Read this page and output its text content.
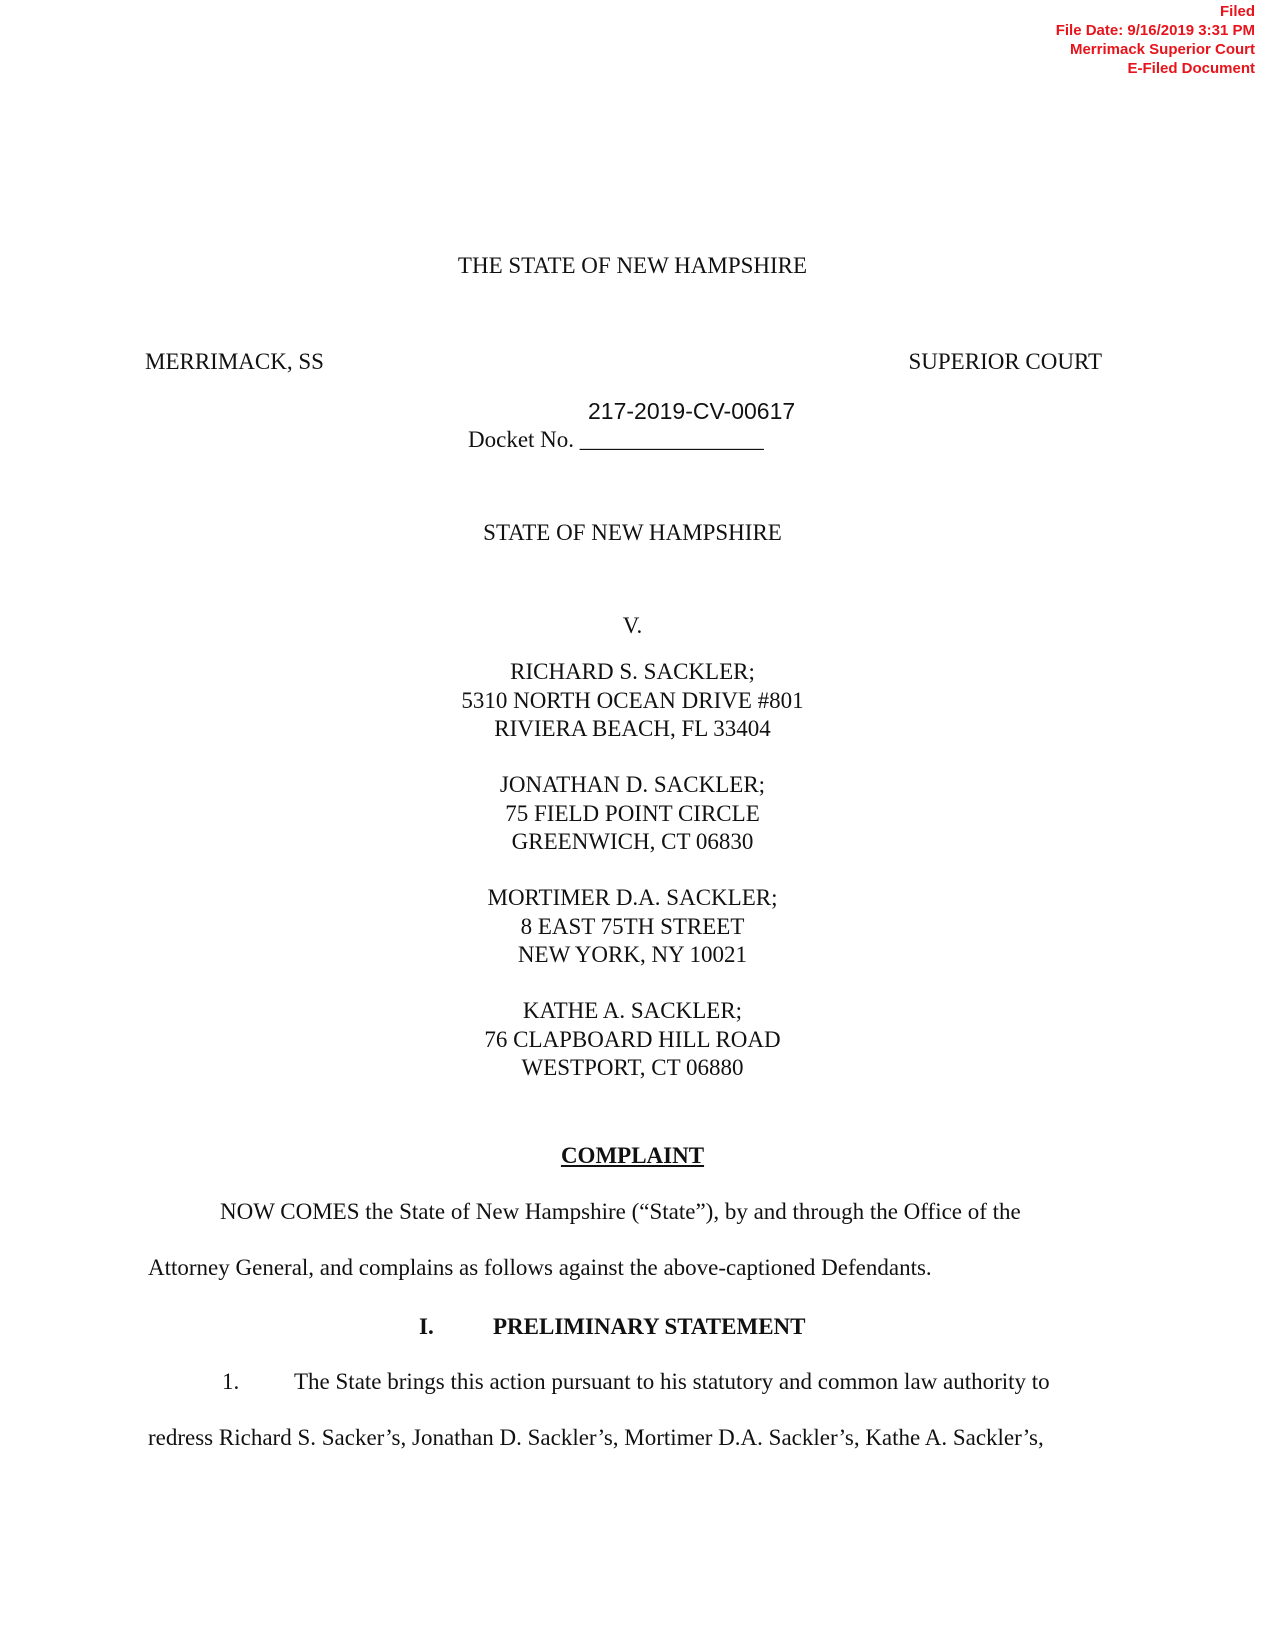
Filed
File Date: 9/16/2019 3:31 PM
Merrimack Superior Court
E-Filed Document
THE STATE OF NEW HAMPSHIRE
MERRIMACK, SS	SUPERIOR COURT
217-2019-CV-00617
Docket No. ________________
STATE OF NEW HAMPSHIRE
V.
RICHARD S. SACKLER;
5310 NORTH OCEAN DRIVE #801
RIVIERA BEACH, FL 33404
JONATHAN D. SACKLER;
75 FIELD POINT CIRCLE
GREENWICH, CT 06830
MORTIMER D.A. SACKLER;
8 EAST 75TH STREET
NEW YORK, NY 10021
KATHE A. SACKLER;
76 CLAPBOARD HILL ROAD
WESTPORT, CT 06880
COMPLAINT
NOW COMES the State of New Hampshire (“State”), by and through the Office of the
Attorney General, and complains as follows against the above-captioned Defendants.
I.	PRELIMINARY STATEMENT
1. The State brings this action pursuant to his statutory and common law authority to
redress Richard S. Sacker’s, Jonathan D. Sackler’s, Mortimer D.A. Sackler’s, Kathe A. Sackler’s,
